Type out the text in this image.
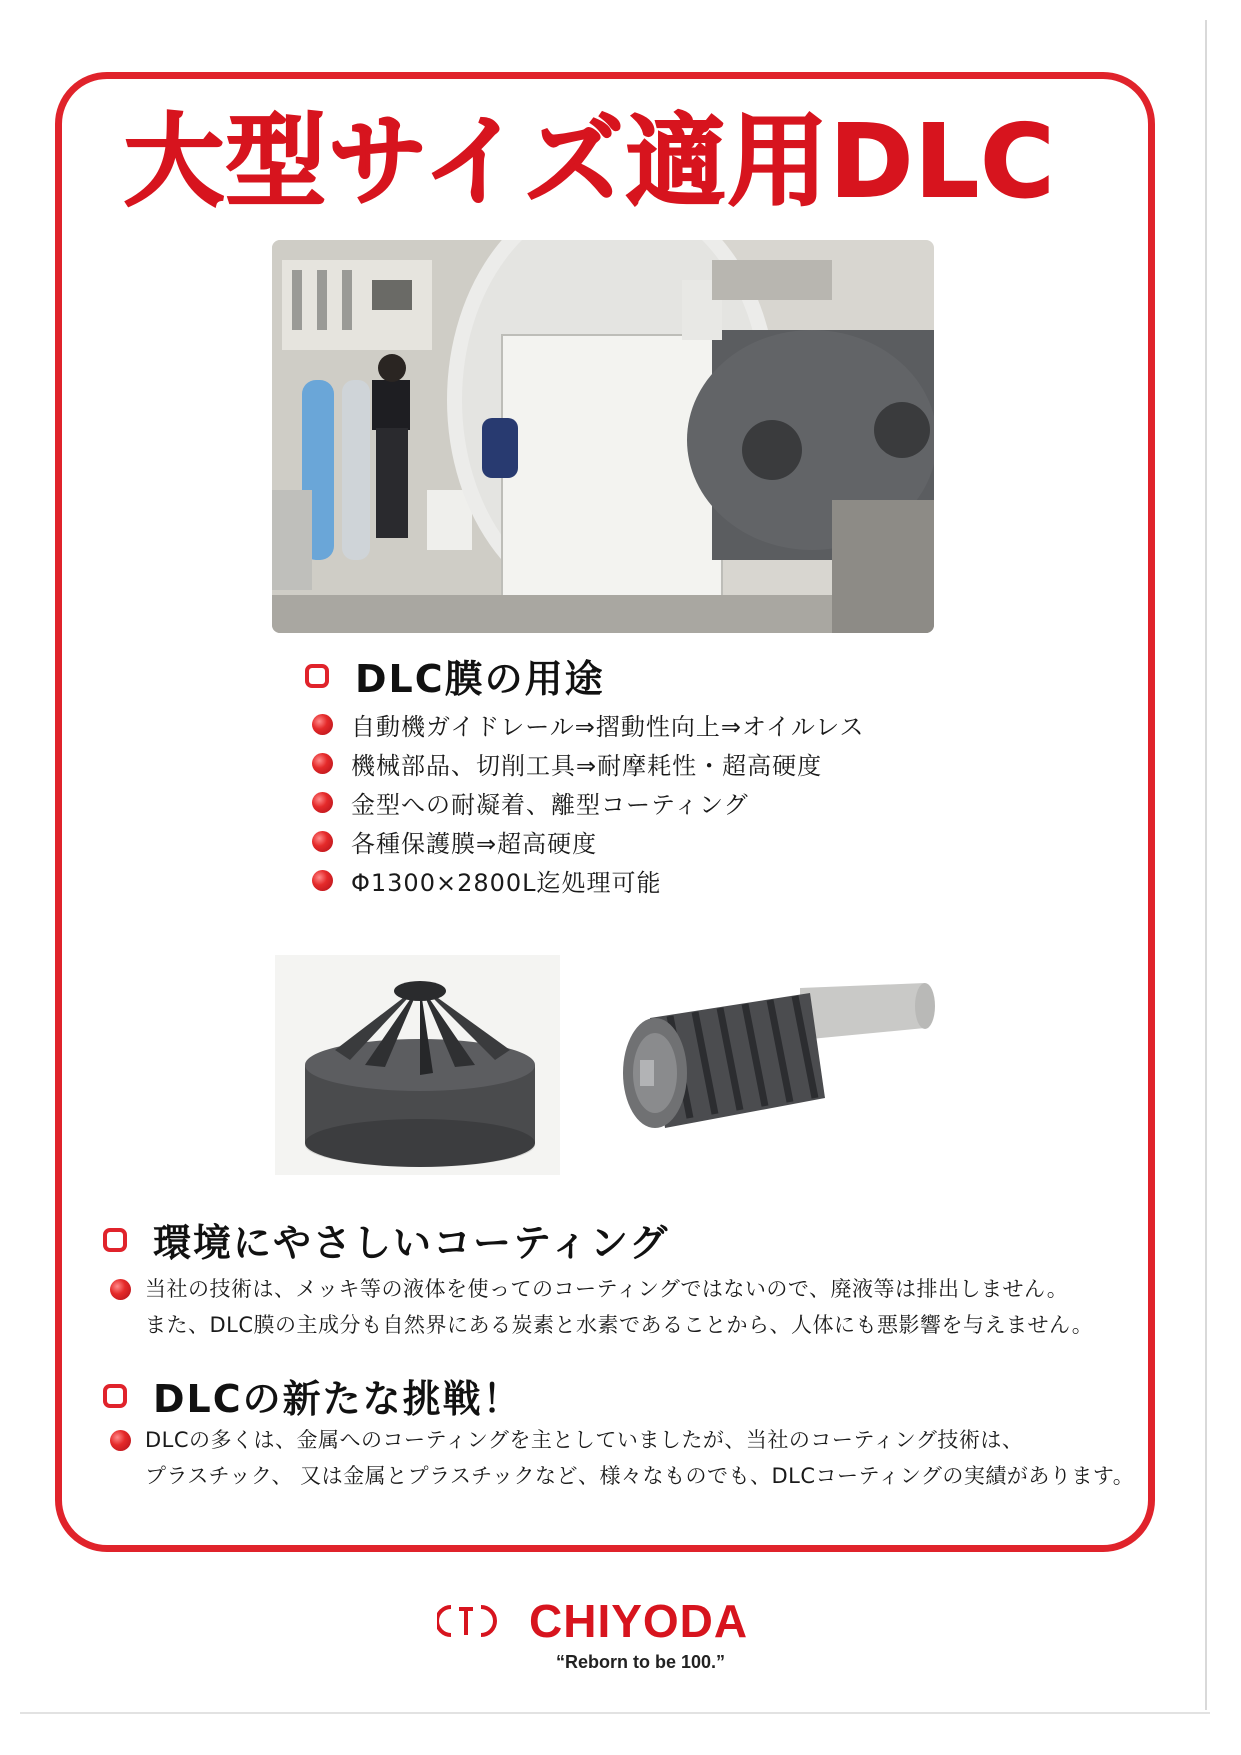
大型サイズ適用DLC
DLC膜の用途
自動機ガイドレール⇒摺動性向上⇒オイルレス
機械部品、切削工具⇒耐摩耗性・超高硬度
金型への耐凝着、離型コーティング
各種保護膜⇒超高硬度
Φ1300×2800L迄処理可能
環境にやさしいコーティング
当社の技術は、メッキ等の液体を使ってのコーティングではないので、廃液等は排出しません。
また、DLC膜の主成分も自然界にある炭素と水素であることから、人体にも悪影響を与えません。
DLCの新たな挑戦！
DLCの多くは、金属へのコーティングを主としていましたが、当社のコーティング技術は、
プラスチック、 又は金属とプラスチックなど、様々なものでも、DLCコーティングの実績があります。
CHIYODA
“Reborn to be 100.”
